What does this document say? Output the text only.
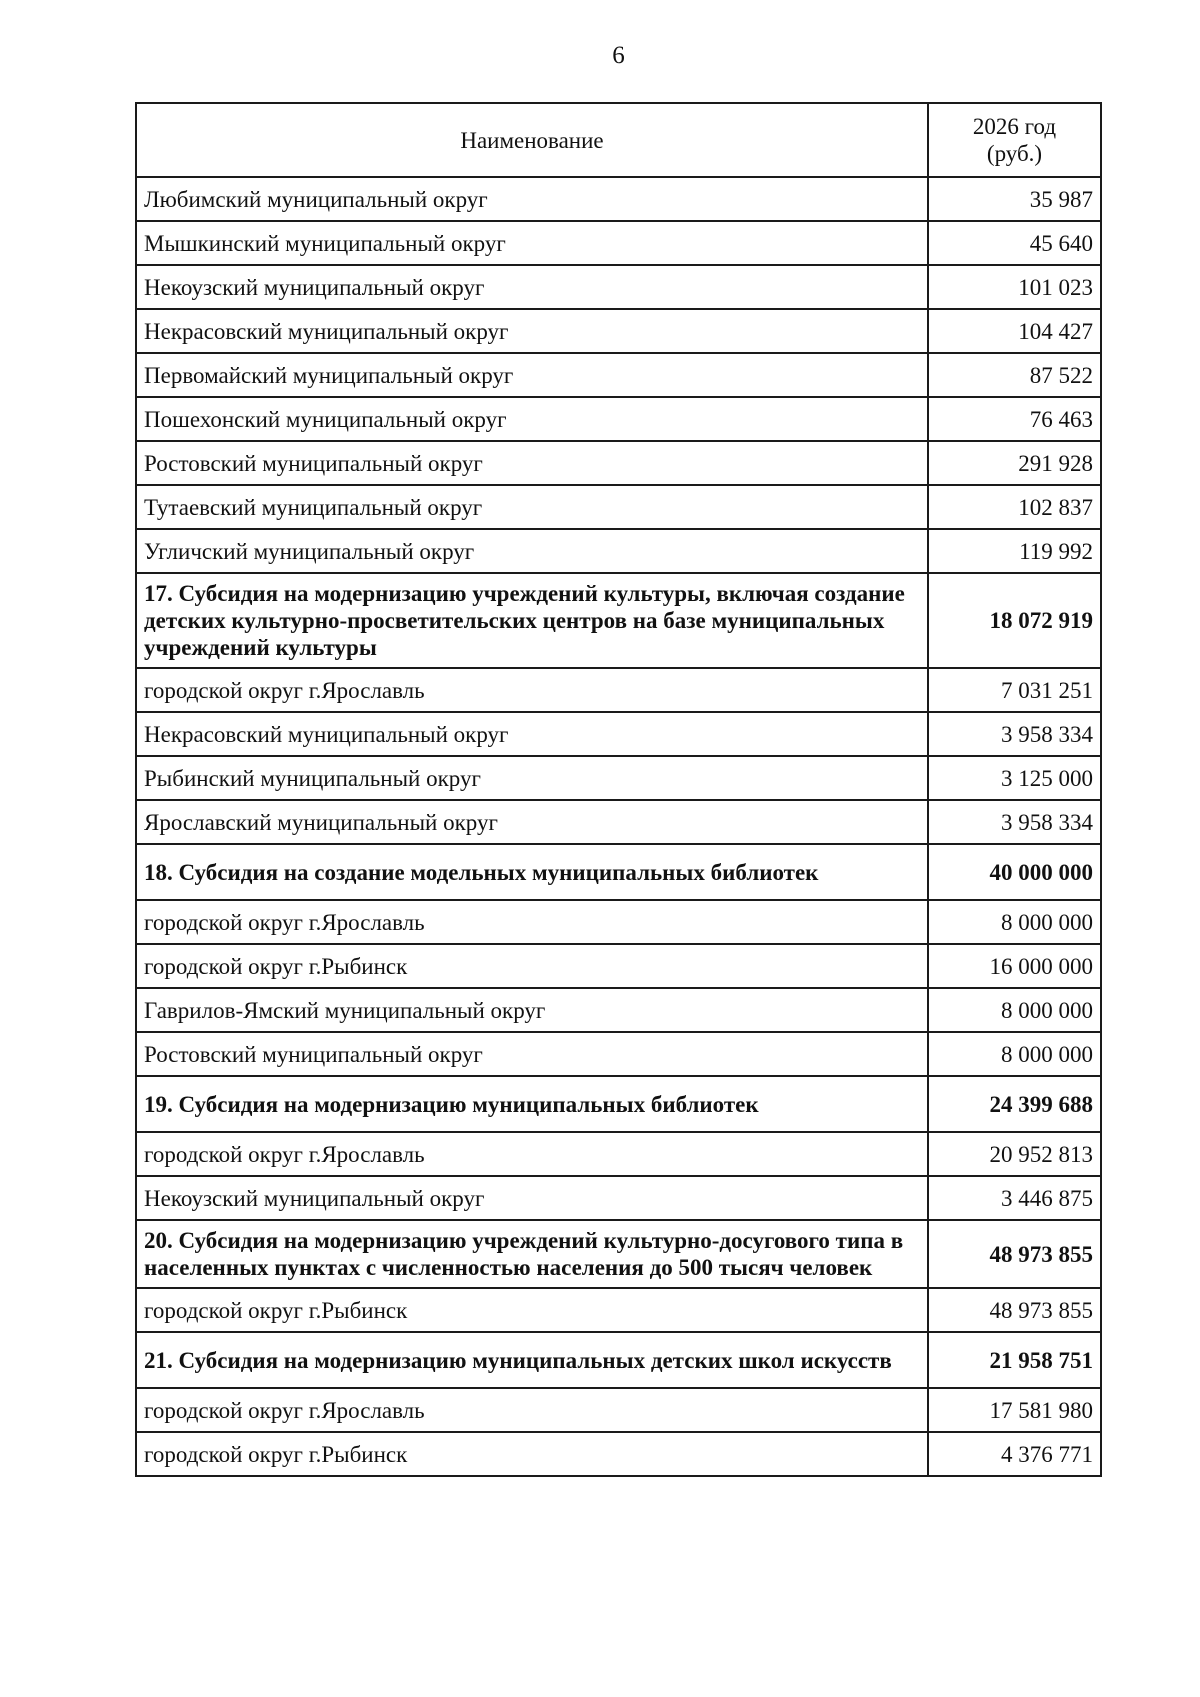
6
Наименование	2026 год
(руб.)
Любимский муниципальный округ	35 987
Мышкинский муниципальный округ	45 640
Некоузский муниципальный округ	101 023
Некрасовский муниципальный округ	104 427
Первомайский муниципальный округ	87 522
Пошехонский муниципальный округ	76 463
Ростовский муниципальный округ	291 928
Тутаевский муниципальный округ	102 837
Угличский муниципальный округ	119 992
17. Субсидия на модернизацию учреждений культуры, включая создание детских культурно-просветительских центров на базе муниципальных учреждений культуры	18 072 919
городской округ г.Ярославль	7 031 251
Некрасовский муниципальный округ	3 958 334
Рыбинский муниципальный округ	3 125 000
Ярославский муниципальный округ	3 958 334
18. Субсидия на создание модельных муниципальных библиотек	40 000 000
городской округ г.Ярославль	8 000 000
городской округ г.Рыбинск	16 000 000
Гаврилов-Ямский муниципальный округ	8 000 000
Ростовский муниципальный округ	8 000 000
19. Субсидия на модернизацию муниципальных библиотек	24 399 688
городской округ г.Ярославль	20 952 813
Некоузский муниципальный округ	3 446 875
20. Субсидия на модернизацию учреждений культурно-досугового типа в населенных пунктах с численностью населения до 500 тысяч человек	48 973 855
городской округ г.Рыбинск	48 973 855
21. Субсидия на модернизацию муниципальных детских школ искусств	21 958 751
городской округ г.Ярославль	17 581 980
городской округ г.Рыбинск	4 376 771
